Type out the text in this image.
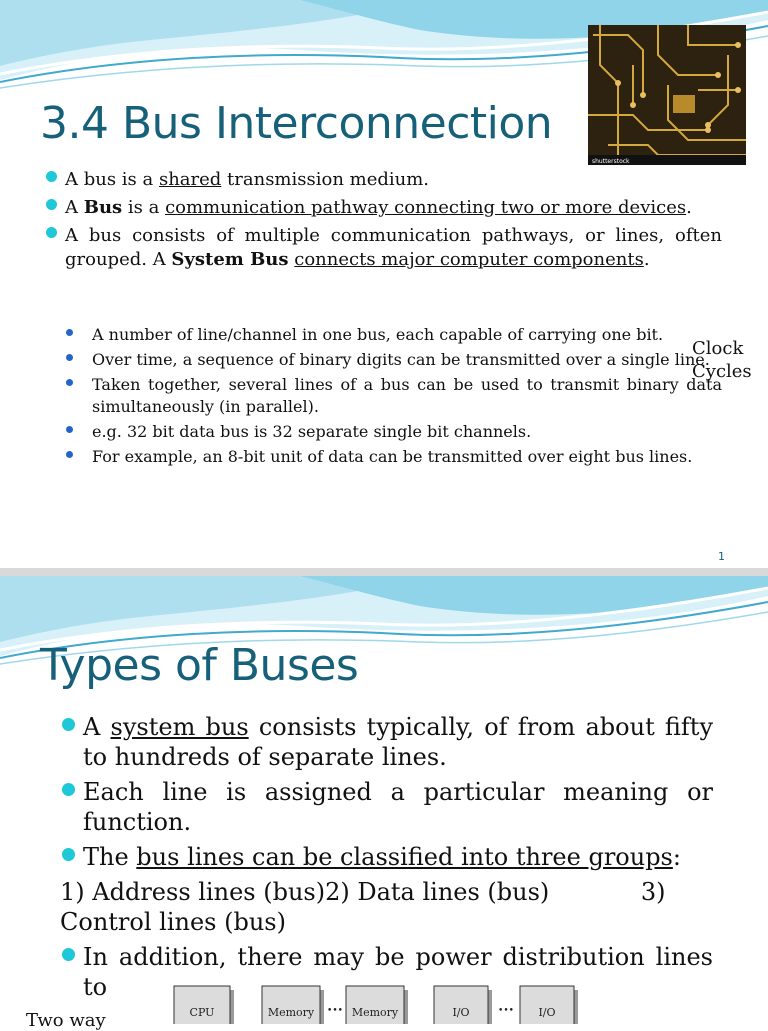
3.4 Bus Interconnection
shutterstock
A bus is a shared transmission medium.
A Bus is a communication pathway connecting two or more devices.
A bus consists of multiple communication pathways, or lines, often grouped. A System Bus connects major computer components.
A number of line/channel in one bus, each capable of carrying one bit.
Over time, a sequence of binary digits can be transmitted over a single line.
Taken together, several lines of a bus can be used to transmit binary data simultaneously (in parallel).
e.g. 32 bit data bus is 32 separate single bit channels.
For example, an 8-bit unit of data can be transmitted over eight bus lines.
Clock Cycles
1
Types of Buses
A system bus consists typically, of from about fifty to hundreds of separate lines.
Each line is assigned a particular meaning or function.
The bus lines can be classified into three groups:
1) Address lines (bus)2) Data lines (bus)            3) Control lines (bus)
In addition, there may be power distribution lines to
CPU	Memory ••• Memory	I/O	••• I/O
Two way
